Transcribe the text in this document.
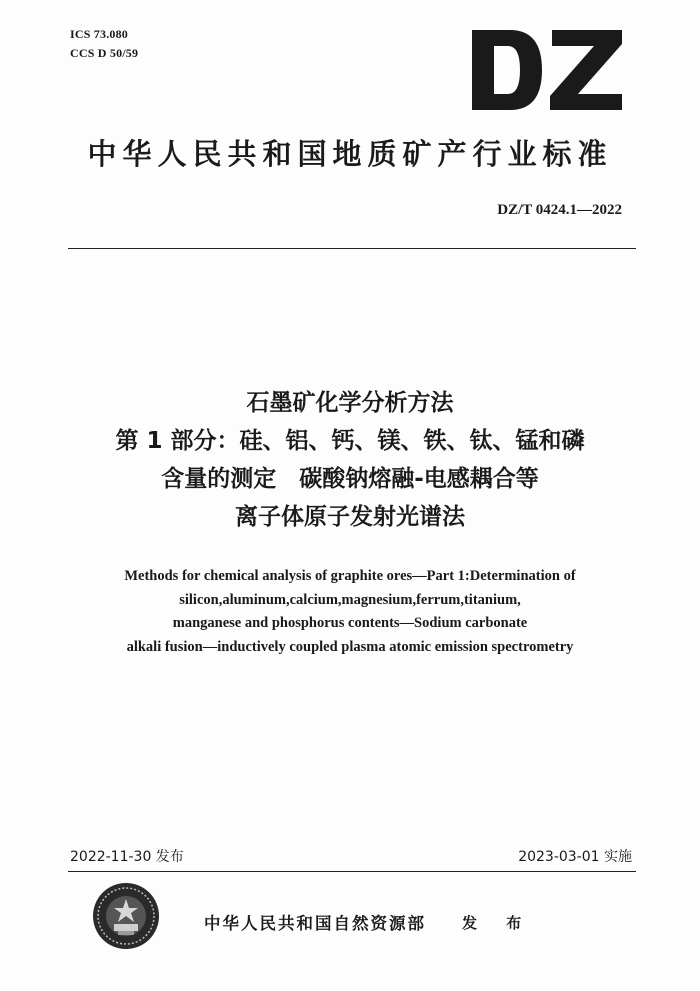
ICS 73.080
CCS D 50/59
中华人民共和国地质矿产行业标准
DZ/T 0424.1—2022
石墨矿化学分析方法
第 1 部分：硅、铝、钙、镁、铁、钛、锰和磷
含量的测定　碳酸钠熔融-电感耦合等
离子体原子发射光谱法
Methods for chemical analysis of graphite ores—Part 1:Determination of
silicon,aluminum,calcium,magnesium,ferrum,titanium,
manganese and phosphorus contents—Sodium carbonate
alkali fusion—inductively coupled plasma atomic emission spectrometry
2022-11-30 发布	2023-03-01 实施
中华人民共和国自然资源部 发 布
